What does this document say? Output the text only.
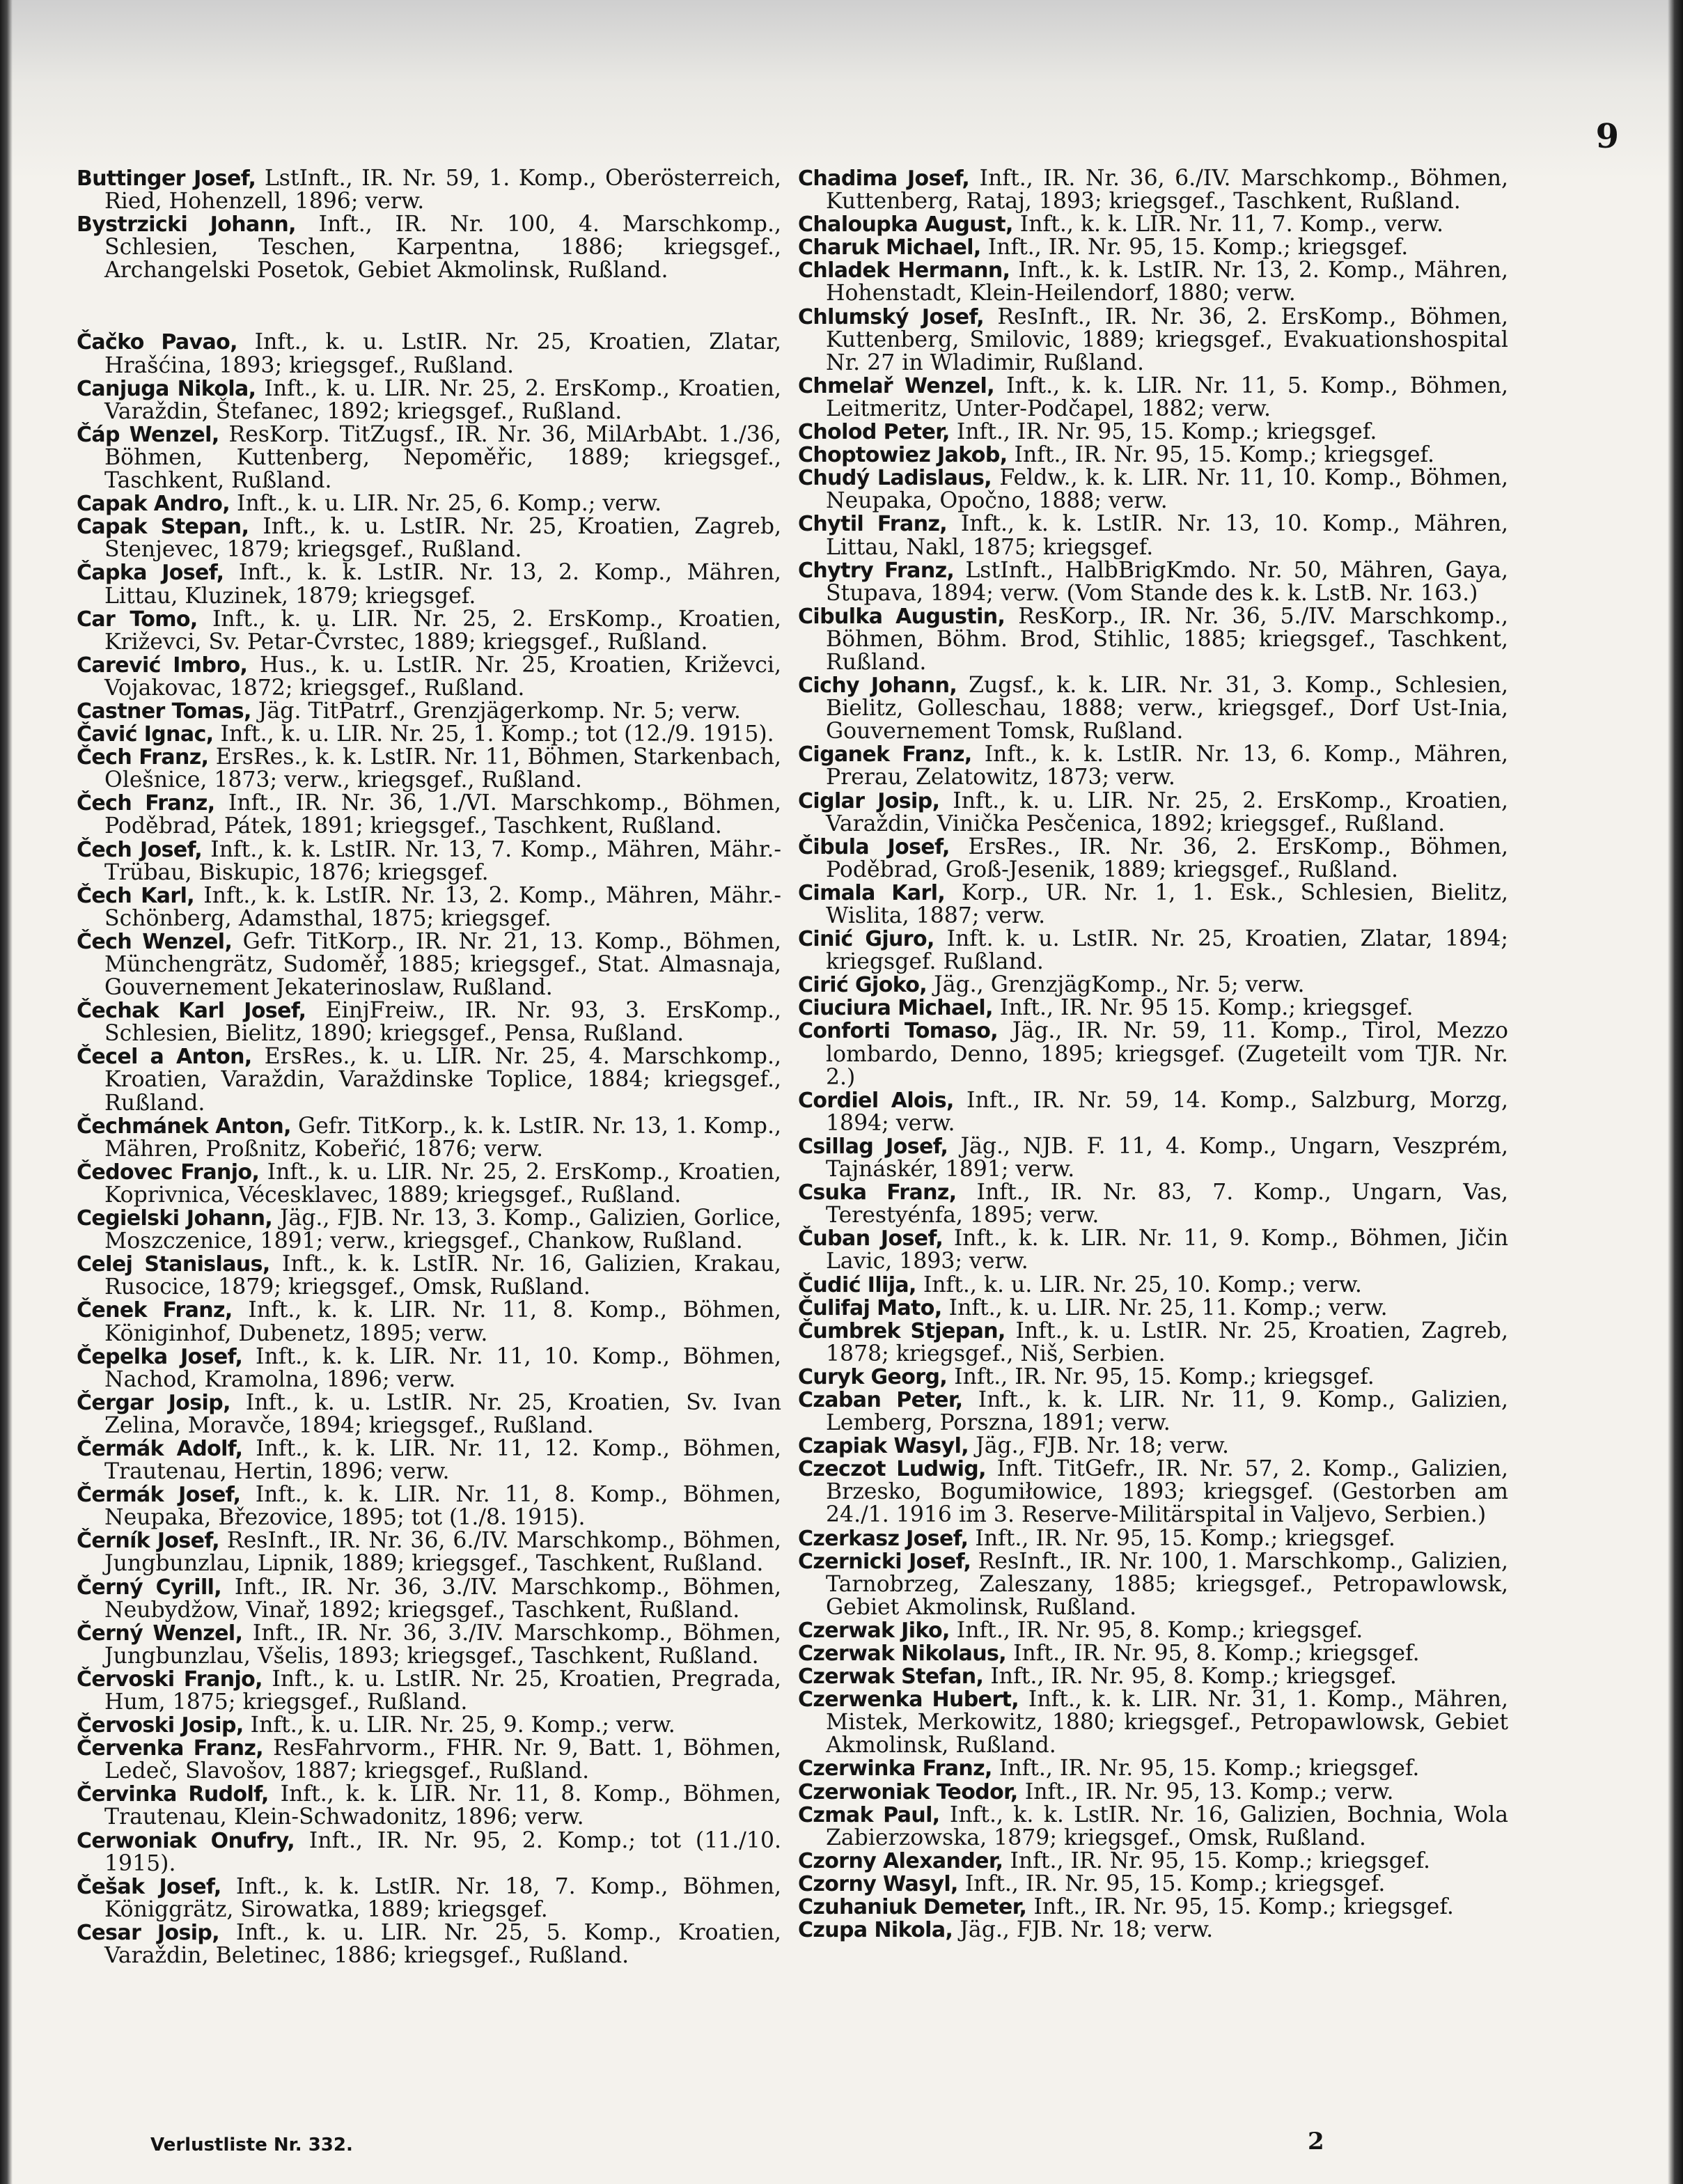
9

Buttinger Josef, LstInft., IR. Nr. 59, 1. Komp., Oberösterreich, Ried, Hohenzell, 1896; verw.

Bystrzicki Johann, Inft., IR. Nr. 100, 4. Marschkomp., Schlesien, Teschen, Karpentna, 1886; kriegsgef., Archangelski Posetok, Gebiet Akmolinsk, Rußland.

Čačko Pavao, Inft., k. u. LstIR. Nr. 25, Kroatien, Zlatar, Hrašćina, 1893; kriegsgef., Rußland.

Canjuga Nikola, Inft., k. u. LIR. Nr. 25, 2. ErsKomp., Kroatien, Varaždin, Štefanec, 1892; kriegsgef., Rußland.

Čáp Wenzel, ResKorp. TitZugsf., IR. Nr. 36, MilArbAbt. 1./36, Böhmen, Kuttenberg, Nepoměřic, 1889; kriegsgef., Taschkent, Rußland.

Capak Andro, Inft., k. u. LIR. Nr. 25, 6. Komp.; verw.

Capak Stepan, Inft., k. u. LstIR. Nr. 25, Kroatien, Zagreb, Stenjevec, 1879; kriegsgef., Rußland.

Čapka Josef, Inft., k. k. LstIR. Nr. 13, 2. Komp., Mähren, Littau, Kluzinek, 1879; kriegsgef.

Car Tomo, Inft., k. u. LIR. Nr. 25, 2. ErsKomp., Kroatien, Križevci, Sv. Petar-Čvrstec, 1889; kriegsgef., Rußland.

Carević Imbro, Hus., k. u. LstIR. Nr. 25, Kroatien, Križevci, Vojakovac, 1872; kriegsgef., Rußland.

Castner Tomas, Jäg. TitPatrf., Grenzjägerkomp. Nr. 5; verw.

Čavić Ignac, Inft., k. u. LIR. Nr. 25, 1. Komp.; tot (12./9. 1915).

Čech Franz, ErsRes., k. k. LstIR. Nr. 11, Böhmen, Starkenbach, Olešnice, 1873; verw., kriegsgef., Rußland.

Čech Franz, Inft., IR. Nr. 36, 1./VI. Marschkomp., Böhmen, Poděbrad, Pátek, 1891; kriegsgef., Taschkent, Rußland.

Čech Josef, Inft., k. k. LstIR. Nr. 13, 7. Komp., Mähren, Mähr.-Trübau, Biskupic, 1876; kriegsgef.

Čech Karl, Inft., k. k. LstIR. Nr. 13, 2. Komp., Mähren, Mähr.-Schönberg, Adamsthal, 1875; kriegsgef.

Čech Wenzel, Gefr. TitKorp., IR. Nr. 21, 13. Komp., Böhmen, Münchengrätz, Sudoměř, 1885; kriegsgef., Stat. Almasnaja, Gouvernement Jekaterinoslaw, Rußland.

Čechak Karl Josef, EinjFreiw., IR. Nr. 93, 3. ErsKomp., Schlesien, Bielitz, 1890; kriegsgef., Pensa, Rußland.

Čecel a Anton, ErsRes., k. u. LIR. Nr. 25, 4. Marschkomp., Kroatien, Varaždin, Varaždinske Toplice, 1884; kriegsgef., Rußland.

Čechmánek Anton, Gefr. TitKorp., k. k. LstIR. Nr. 13, 1. Komp., Mähren, Proßnitz, Kobeřić, 1876; verw.

Čedovec Franjo, Inft., k. u. LIR. Nr. 25, 2. ErsKomp., Kroatien, Koprivnica, Vécesklavec, 1889; kriegsgef., Rußland.

Cegielski Johann, Jäg., FJB. Nr. 13, 3. Komp., Galizien, Gorlice, Moszczenice, 1891; verw., kriegsgef., Chankow, Rußland.

Celej Stanislaus, Inft., k. k. LstIR. Nr. 16, Galizien, Krakau, Rusocice, 1879; kriegsgef., Omsk, Rußland.

Čenek Franz, Inft., k. k. LIR. Nr. 11, 8. Komp., Böhmen, Königinhof, Dubenetz, 1895; verw.

Čepelka Josef, Inft., k. k. LIR. Nr. 11, 10. Komp., Böhmen, Nachod, Kramolna, 1896; verw.

Čergar Josip, Inft., k. u. LstIR. Nr. 25, Kroatien, Sv. Ivan Zelina, Moravče, 1894; kriegsgef., Rußland.

Čermák Adolf, Inft., k. k. LIR. Nr. 11, 12. Komp., Böhmen, Trautenau, Hertin, 1896; verw.

Čermák Josef, Inft., k. k. LIR. Nr. 11, 8. Komp., Böhmen, Neupaka, Březovice, 1895; tot (1./8. 1915).

Černík Josef, ResInft., IR. Nr. 36, 6./IV. Marschkomp., Böhmen, Jungbunzlau, Lipnik, 1889; kriegsgef., Taschkent, Rußland.

Černý Cyrill, Inft., IR. Nr. 36, 3./IV. Marschkomp., Böhmen, Neubydžow, Vinař, 1892; kriegsgef., Taschkent, Rußland.

Černý Wenzel, Inft., IR. Nr. 36, 3./IV. Marschkomp., Böhmen, Jungbunzlau, Všelis, 1893; kriegsgef., Taschkent, Rußland.

Červoski Franjo, Inft., k. u. LstIR. Nr. 25, Kroatien, Pregrada, Hum, 1875; kriegsgef., Rußland.

Červoski Josip, Inft., k. u. LIR. Nr. 25, 9. Komp.; verw.

Červenka Franz, ResFahrvorm., FHR. Nr. 9, Batt. 1, Böhmen, Ledeč, Slavošov, 1887; kriegsgef., Rußland.

Červinka Rudolf, Inft., k. k. LIR. Nr. 11, 8. Komp., Böhmen, Trautenau, Klein-Schwadonitz, 1896; verw.

Cerwoniak Onufry, Inft., IR. Nr. 95, 2. Komp.; tot (11./10. 1915).

Češak Josef, Inft., k. k. LstIR. Nr. 18, 7. Komp., Böhmen, Königgrätz, Sirowatka, 1889; kriegsgef.

Cesar Josip, Inft., k. u. LIR. Nr. 25, 5. Komp., Kroatien, Varaždin, Beletinec, 1886; kriegsgef., Rußland.

Chadima Josef, Inft., IR. Nr. 36, 6./IV. Marschkomp., Böhmen, Kuttenberg, Rataj, 1893; kriegsgef., Taschkent, Rußland.

Chaloupka August, Inft., k. k. LIR. Nr. 11, 7. Komp., verw.

Charuk Michael, Inft., IR. Nr. 95, 15. Komp.; kriegsgef.

Chladek Hermann, Inft., k. k. LstIR. Nr. 13, 2. Komp., Mähren, Hohenstadt, Klein-Heilendorf, 1880; verw.

Chlumský Josef, ResInft., IR. Nr. 36, 2. ErsKomp., Böhmen, Kuttenberg, Smilovic, 1889; kriegsgef., Evakuationshospital Nr. 27 in Wladimir, Rußland.

Chmelař Wenzel, Inft., k. k. LIR. Nr. 11, 5. Komp., Böhmen, Leitmeritz, Unter-Podčapel, 1882; verw.

Cholod Peter, Inft., IR. Nr. 95, 15. Komp.; kriegsgef.

Choptowiez Jakob, Inft., IR. Nr. 95, 15. Komp.; kriegsgef.

Chudý Ladislaus, Feldw., k. k. LIR. Nr. 11, 10. Komp., Böhmen, Neupaka, Opočno, 1888; verw.

Chytil Franz, Inft., k. k. LstIR. Nr. 13, 10. Komp., Mähren, Littau, Nakl, 1875; kriegsgef.

Chytry Franz, LstInft., HalbBrigKmdo. Nr. 50, Mähren, Gaya, Stupava, 1894; verw. (Vom Stande des k. k. LstB. Nr. 163.)

Cibulka Augustin, ResKorp., IR. Nr. 36, 5./IV. Marschkomp., Böhmen, Böhm. Brod, Stihlic, 1885; kriegsgef., Taschkent, Rußland.

Cichy Johann, Zugsf., k. k. LIR. Nr. 31, 3. Komp., Schlesien, Bielitz, Golleschau, 1888; verw., kriegsgef., Dorf Ust-Inia, Gouvernement Tomsk, Rußland.

Ciganek Franz, Inft., k. k. LstIR. Nr. 13, 6. Komp., Mähren, Prerau, Zelatowitz, 1873; verw.

Ciglar Josip, Inft., k. u. LIR. Nr. 25, 2. ErsKomp., Kroatien, Varaždin, Vinička Pesčenica, 1892; kriegsgef., Rußland.

Čibula Josef, ErsRes., IR. Nr. 36, 2. ErsKomp., Böhmen, Poděbrad, Groß-Jesenik, 1889; kriegsgef., Rußland.

Cimala Karl, Korp., UR. Nr. 1, 1. Esk., Schlesien, Bielitz, Wislita, 1887; verw.

Cinić Gjuro, Inft. k. u. LstIR. Nr. 25, Kroatien, Zlatar, 1894; kriegsgef. Rußland.

Cirić Gjoko, Jäg., GrenzjägKomp., Nr. 5; verw.

Ciuciura Michael, Inft., IR. Nr. 95 15. Komp.; kriegsgef.

Conforti Tomaso, Jäg., IR. Nr. 59, 11. Komp., Tirol, Mezzo lombardo, Denno, 1895; kriegsgef. (Zugeteilt vom TJR. Nr. 2.)

Cordiel Alois, Inft., IR. Nr. 59, 14. Komp., Salzburg, Morzg, 1894; verw.

Csillag Josef, Jäg., NJB. F. 11, 4. Komp., Ungarn, Veszprém, Tajnáskér, 1891; verw.

Csuka Franz, Inft., IR. Nr. 83, 7. Komp., Ungarn, Vas, Terestyénfa, 1895; verw.

Čuban Josef, Inft., k. k. LIR. Nr. 11, 9. Komp., Böhmen, Jičin Lavic, 1893; verw.

Čudić Ilija, Inft., k. u. LIR. Nr. 25, 10. Komp.; verw.

Čulifaj Mato, Inft., k. u. LIR. Nr. 25, 11. Komp.; verw.

Čumbrek Stjepan, Inft., k. u. LstIR. Nr. 25, Kroatien, Zagreb, 1878; kriegsgef., Niš, Serbien.

Curyk Georg, Inft., IR. Nr. 95, 15. Komp.; kriegsgef.

Czaban Peter, Inft., k. k. LIR. Nr. 11, 9. Komp., Galizien, Lemberg, Porszna, 1891; verw.

Czapiak Wasyl, Jäg., FJB. Nr. 18; verw.

Czeczot Ludwig, Inft. TitGefr., IR. Nr. 57, 2. Komp., Galizien, Brzesko, Bogumiłowice, 1893; kriegsgef. (Gestorben am 24./1. 1916 im 3. Reserve-Militärspital in Valjevo, Serbien.)

Czerkasz Josef, Inft., IR. Nr. 95, 15. Komp.; kriegsgef.

Czernicki Josef, ResInft., IR. Nr. 100, 1. Marschkomp., Galizien, Tarnobrzeg, Zaleszany, 1885; kriegsgef., Petropawlowsk, Gebiet Akmolinsk, Rußland.

Czerwak Jiko, Inft., IR. Nr. 95, 8. Komp.; kriegsgef.

Czerwak Nikolaus, Inft., IR. Nr. 95, 8. Komp.; kriegsgef.

Czerwak Stefan, Inft., IR. Nr. 95, 8. Komp.; kriegsgef.

Czerwenka Hubert, Inft., k. k. LIR. Nr. 31, 1. Komp., Mähren, Mistek, Merkowitz, 1880; kriegsgef., Petropawlowsk, Gebiet Akmolinsk, Rußland.

Czerwinka Franz, Inft., IR. Nr. 95, 15. Komp.; kriegsgef.

Czerwoniak Teodor, Inft., IR. Nr. 95, 13. Komp.; verw.

Czmak Paul, Inft., k. k. LstIR. Nr. 16, Galizien, Bochnia, Wola Zabierzowska, 1879; kriegsgef., Omsk, Rußland.

Czorny Alexander, Inft., IR. Nr. 95, 15. Komp.; kriegsgef.

Czorny Wasyl, Inft., IR. Nr. 95, 15. Komp.; kriegsgef.

Czuhaniuk Demeter, Inft., IR. Nr. 95, 15. Komp.; kriegsgef.

Czupa Nikola, Jäg., FJB. Nr. 18; verw.

Verlustliste Nr. 332.	2
